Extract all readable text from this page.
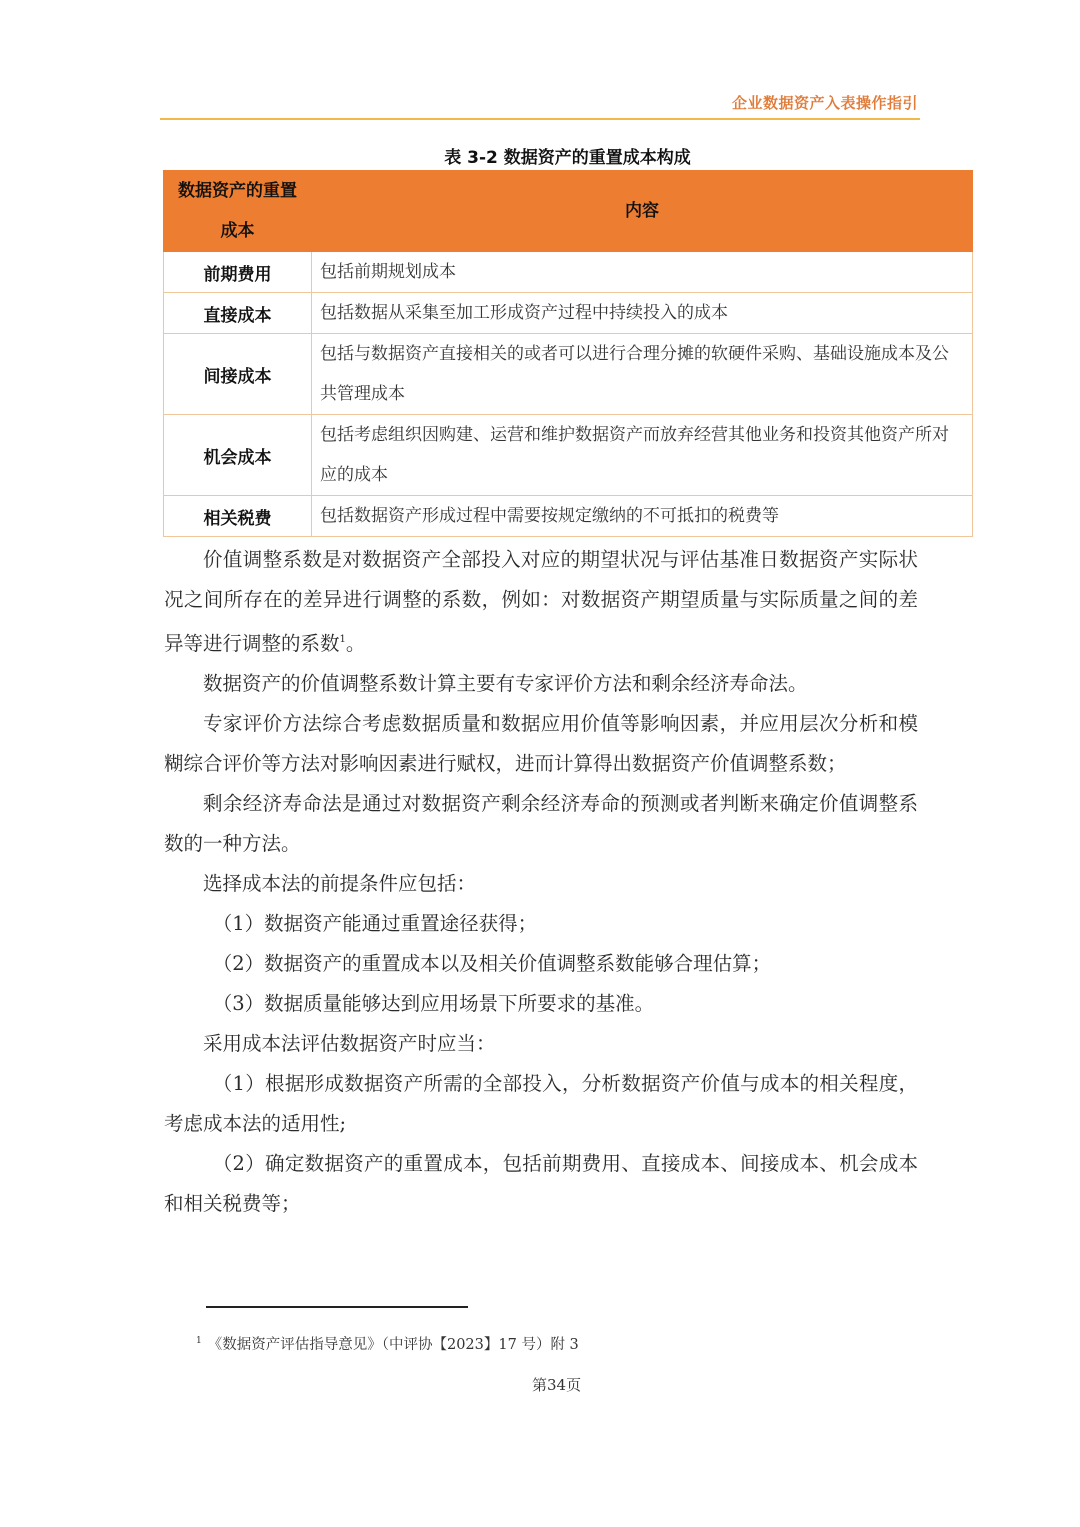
企业数据资产入表操作指引
表 3-2 数据资产的重置成本构成
数据资产的重置成本	内容
前期费用	包括前期规划成本
直接成本	包括数据从采集至加工形成资产过程中持续投入的成本
间接成本	包括与数据资产直接相关的或者可以进行合理分摊的软硬件采购、基础设施成本及公共管理成本
机会成本	包括考虑组织因购建、运营和维护数据资产而放弃经营其他业务和投资其他资产所对应的成本
相关税费	包括数据资产形成过程中需要按规定缴纳的不可抵扣的税费等

价值调整系数是对数据资产全部投入对应的期望状况与评估基准日数据资产实际状况之间所存在的差异进行调整的系数，例如：对数据资产期望质量与实际质量之间的差异等进行调整的系数$^1$。

数据资产的价值调整系数计算主要有专家评价方法和剩余经济寿命法。

专家评价方法综合考虑数据质量和数据应用价值等影响因素，并应用层次分析和模糊综合评价等方法对影响因素进行赋权，进而计算得出数据资产价值调整系数；

剩余经济寿命法是通过对数据资产剩余经济寿命的预测或者判断来确定价值调整系数的一种方法。

选择成本法的前提条件应包括：

（1）数据资产能通过重置途径获得；

（2）数据资产的重置成本以及相关价值调整系数能够合理估算；

（3）数据质量能够达到应用场景下所要求的基准。

采用成本法评估数据资产时应当：

（1）根据形成数据资产所需的全部投入，分析数据资产价值与成本的相关程度，考虑成本法的适用性;

（2）确定数据资产的重置成本，包括前期费用、直接成本、间接成本、机会成本和相关税费等；

$^1$ 《数据资产评估指导意见》（中评协【2023】17 号）附 3
第34页
